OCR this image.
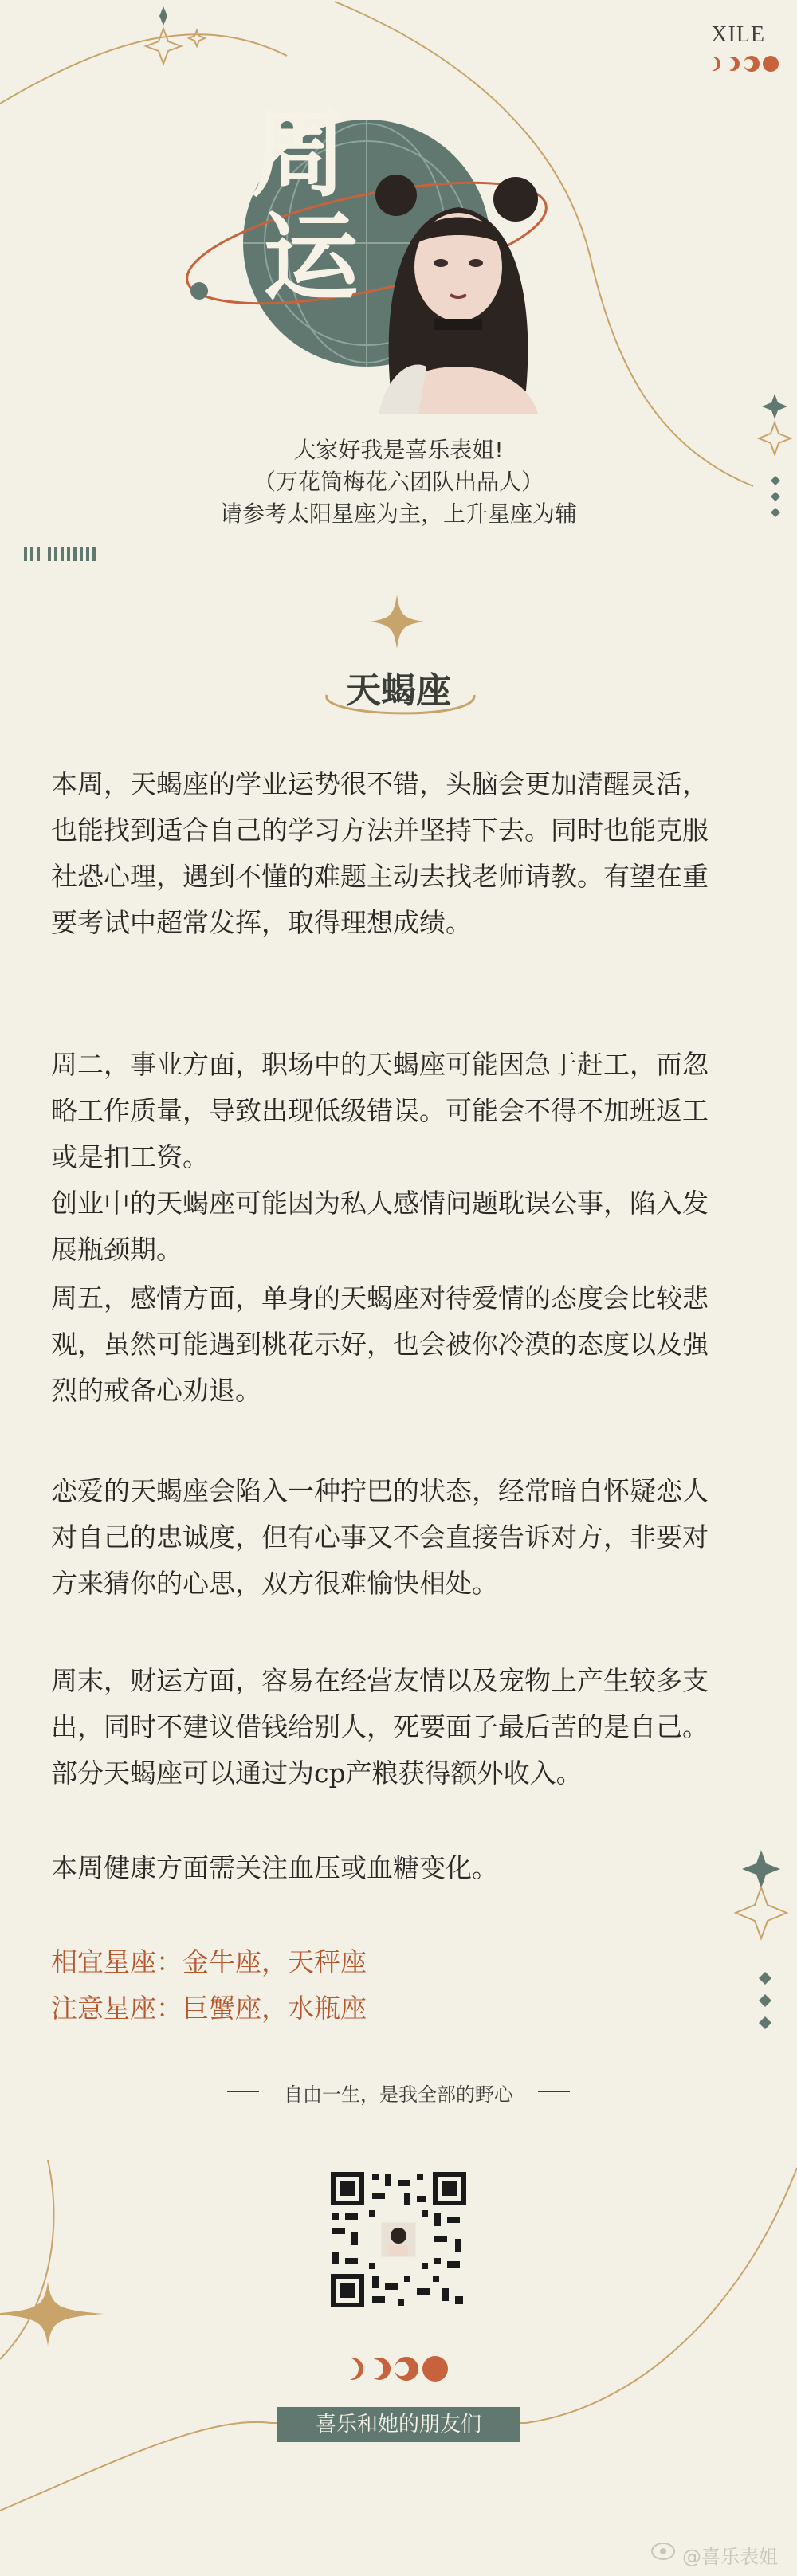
XILE
周
运
大家好我是喜乐表姐!
（万花筒梅花六团队出品人）
请参考太阳星座为主，上升星座为辅
天蝎座

本周，天蝎座的学业运势很不错，头脑会更加清醒灵活，

也能找到适合自己的学习方法并坚持下去。同时也能克服

社恐心理，遇到不懂的难题主动去找老师请教。有望在重

要考试中超常发挥，取得理想成绩。

周二，事业方面，职场中的天蝎座可能因急于赶工，而忽

略工作质量，导致出现低级错误。可能会不得不加班返工

或是扣工资。

创业中的天蝎座可能因为私人感情问题耽误公事，陷入发

展瓶颈期。

周五，感情方面，单身的天蝎座对待爱情的态度会比较悲

观，虽然可能遇到桃花示好，也会被你冷漠的态度以及强

烈的戒备心劝退。

恋爱的天蝎座会陷入一种拧巴的状态，经常暗自怀疑恋人

对自己的忠诚度，但有心事又不会直接告诉对方，非要对

方来猜你的心思，双方很难愉快相处。

周末，财运方面，容易在经营友情以及宠物上产生较多支

出，同时不建议借钱给别人，死要面子最后苦的是自己。

部分天蝎座可以通过为cp产粮获得额外收入。

本周健康方面需关注血压或血糖变化。

相宜星座：金牛座，天秤座
注意星座：巨蟹座，水瓶座
自由一生，是我全部的野心
喜乐和她的朋友们
@喜乐表姐
